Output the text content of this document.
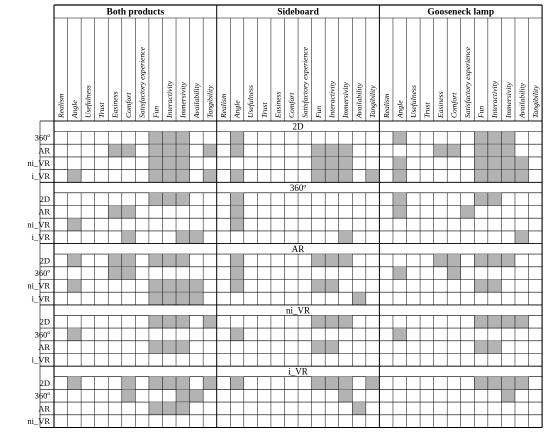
Both products	Sideboard	Gooseneck lamp
Realism Angle Usefulness Trust Easiness Comfort Satisfactory experience Fun Interactivity Immersivity Availability Tangibility Realism Angle Usefulness Trust Easiness Comfort Satisfactory experience Fun Interactivity Immersivity Availability Tangibility Realism Angle Usefulness Trust Easiness Comfort Satisfactory experience Fun Interactivity Immersivity Availability Tangibility
2D
360º
AR
ni_VR
i_VR
360º
2D
AR
ni_VR
i_VR
AR
2D
360º
ni_VR
i_VR
ni_VR
2D
360º
AR
i_VR
i_VR
2D
360º
AR
ni_VR
